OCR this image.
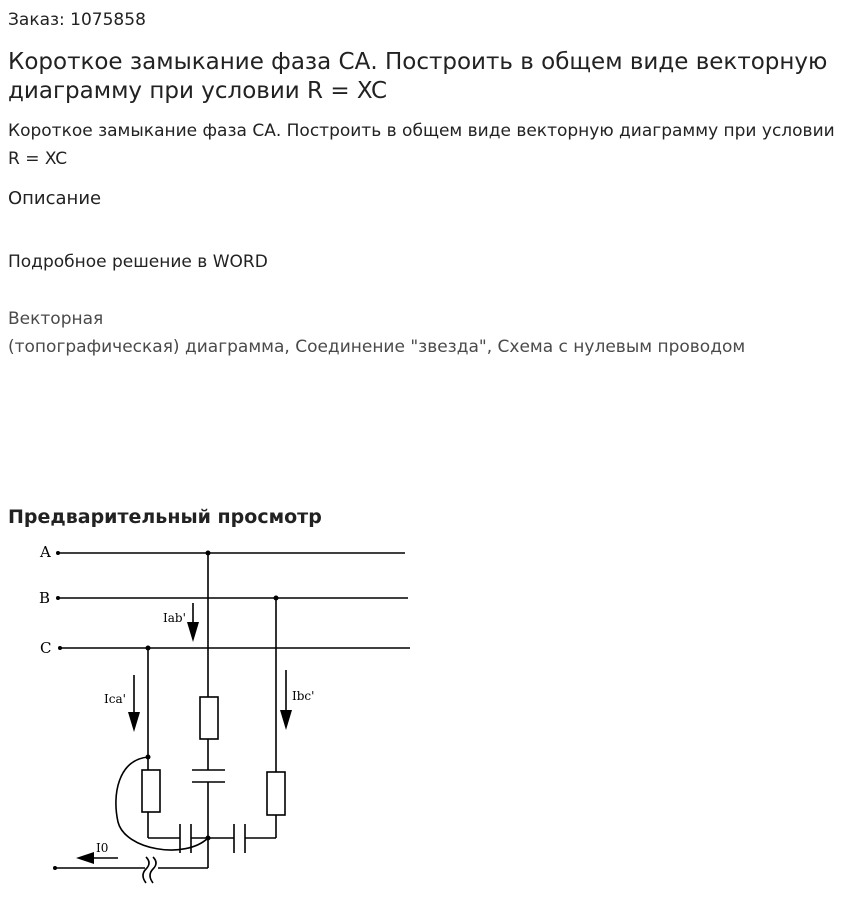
Заказ: 1075858
Короткое замыкание фаза СА. Построить в общем виде векторную диаграмму при условии R = XC
Короткое замыкание фаза СА. Построить в общем виде векторную диаграмму при условии R = XC
Описание
Подробное решение в WORD
Векторная
(топографическая) диаграмма, Соединение "звезда", Схема с нулевым проводом
Предварительный просмотр
A
B
C
Iab'
Ica'	Ibc'
I0
